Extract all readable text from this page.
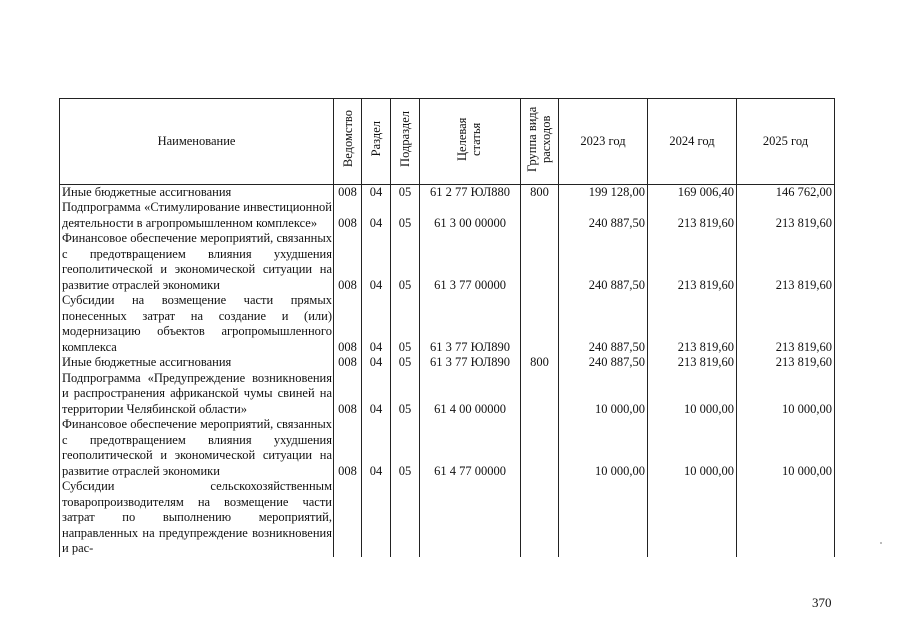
Наименование	Ведомство	Раздел	Подраздел	Целевая статья	Группа вида расходов	2023 год	2024 год	2025 год
Иные бюджетные ассигнования	008	04	05	61 2 77 ЮЛ880	800	199 128,00	169 006,40	146 762,00
Подпрограмма «Стимулирование инвестиционной деятельности в агропромышленном комплексе»	008	04	05	61 3 00 00000		240 887,50	213 819,60	213 819,60
Финансовое обеспечение мероприятий, связанных с предотвращением влияния ухудшения геополитической и экономической ситуации на развитие отраслей экономики	008	04	05	61 3 77 00000		240 887,50	213 819,60	213 819,60
Субсидии на возмещение части прямых понесенных затрат на создание и (или) модернизацию объектов агропромышленного комплекса	008	04	05	61 3 77 ЮЛ890		240 887,50	213 819,60	213 819,60
Иные бюджетные ассигнования	008	04	05	61 3 77 ЮЛ890	800	240 887,50	213 819,60	213 819,60
Подпрограмма «Предупреждение возникновения и распространения африканской чумы свиней на территории Челябинской области»	008	04	05	61 4 00 00000		10 000,00	10 000,00	10 000,00
Финансовое обеспечение мероприятий, связанных с предотвращением влияния ухудшения геополитической и экономической ситуации на развитие отраслей экономики	008	04	05	61 4 77 00000		10 000,00	10 000,00	10 000,00
Субсидии сельскохозяйственным товаропроизводителям на возмещение части затрат по выполнению мероприятий, направленных на предупреждение возникновения и рас-								
370
